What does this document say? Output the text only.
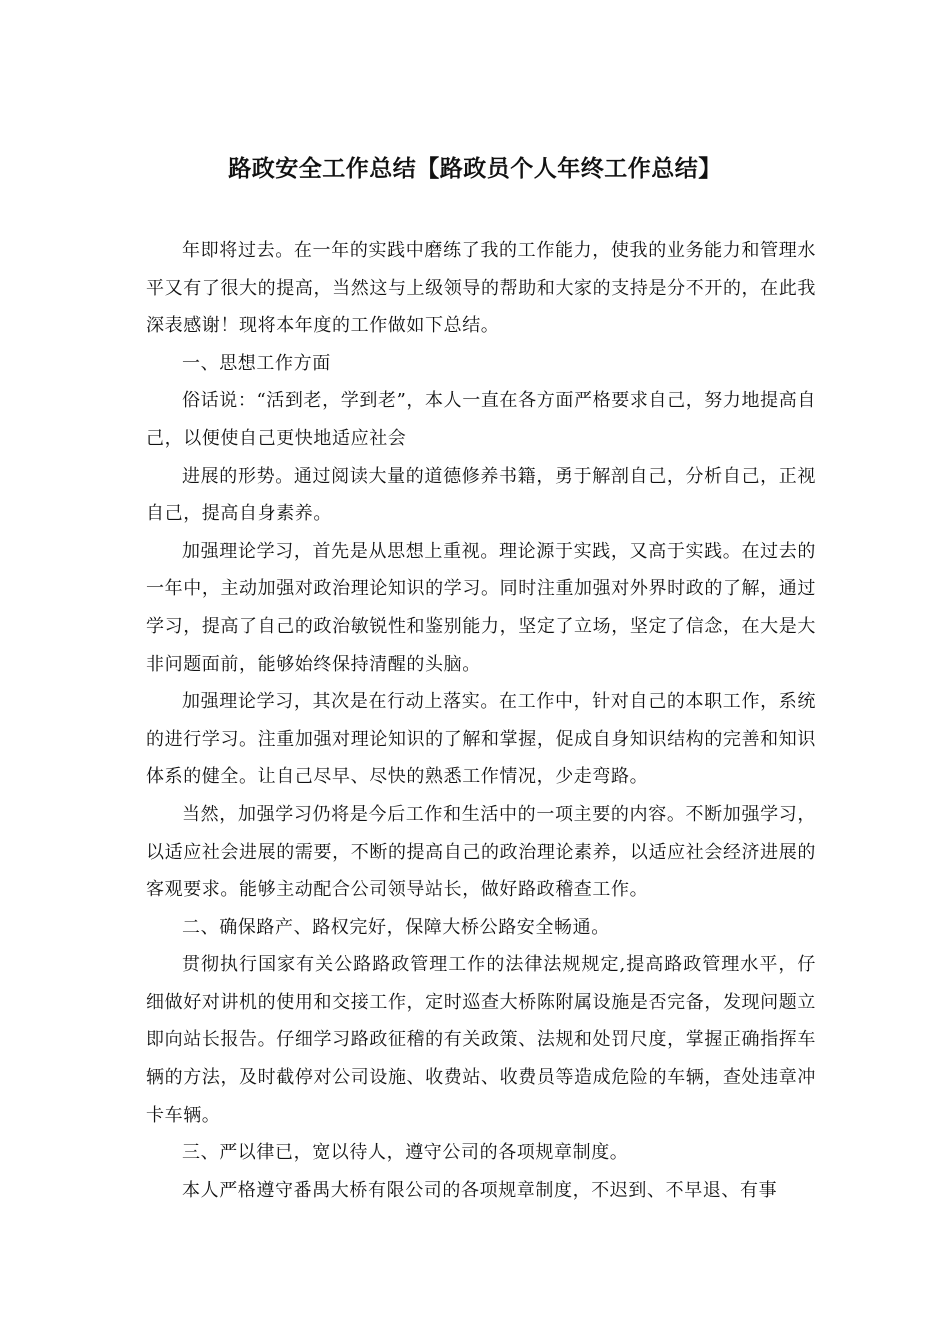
路政安全工作总结【路政员个人年终工作总结】

年即将过去。在一年的实践中磨练了我的工作能力，使我的业务能力和管理水平又有了很大的提高，当然这与上级领导的帮助和大家的支持是分不开的，在此我深表感谢！现将本年度的工作做如下总结。

一、思想工作方面

俗话说：“活到老，学到老”，本人一直在各方面严格要求自己，努力地提高自己，以便使自己更快地适应社会

进展的形势。通过阅读大量的道德修养书籍，勇于解剖自己，分析自己，正视自己，提高自身素养。

加强理论学习，首先是从思想上重视。理论源于实践，又高于实践。在过去的一年中，主动加强对政治理论知识的学习。同时注重加强对外界时政的了解，通过学习，提高了自己的政治敏锐性和鉴别能力，坚定了立场，坚定了信念，在大是大非问题面前，能够始终保持清醒的头脑。

加强理论学习，其次是在行动上落实。在工作中，针对自己的本职工作，系统的进行学习。注重加强对理论知识的了解和掌握，促成自身知识结构的完善和知识体系的健全。让自己尽早、尽快的熟悉工作情况，少走弯路。

当然，加强学习仍将是今后工作和生活中的一项主要的内容。不断加强学习，以适应社会进展的需要，不断的提高自己的政治理论素养，以适应社会经济进展的客观要求。能够主动配合公司领导站长，做好路政稽查工作。

二、确保路产、路权完好，保障大桥公路安全畅通。

贯彻执行国家有关公路路政管理工作的法律法规规定,提高路政管理水平，仔细做好对讲机的使用和交接工作，定时巡查大桥陈附属设施是否完备，发现问题立即向站长报告。仔细学习路政征稽的有关政策、法规和处罚尺度，掌握正确指挥车辆的方法，及时截停对公司设施、收费站、收费员等造成危险的车辆，查处违章冲卡车辆。

三、严以律已，宽以待人，遵守公司的各项规章制度。

本人严格遵守番禺大桥有限公司的各项规章制度，不迟到、不早退、有事
